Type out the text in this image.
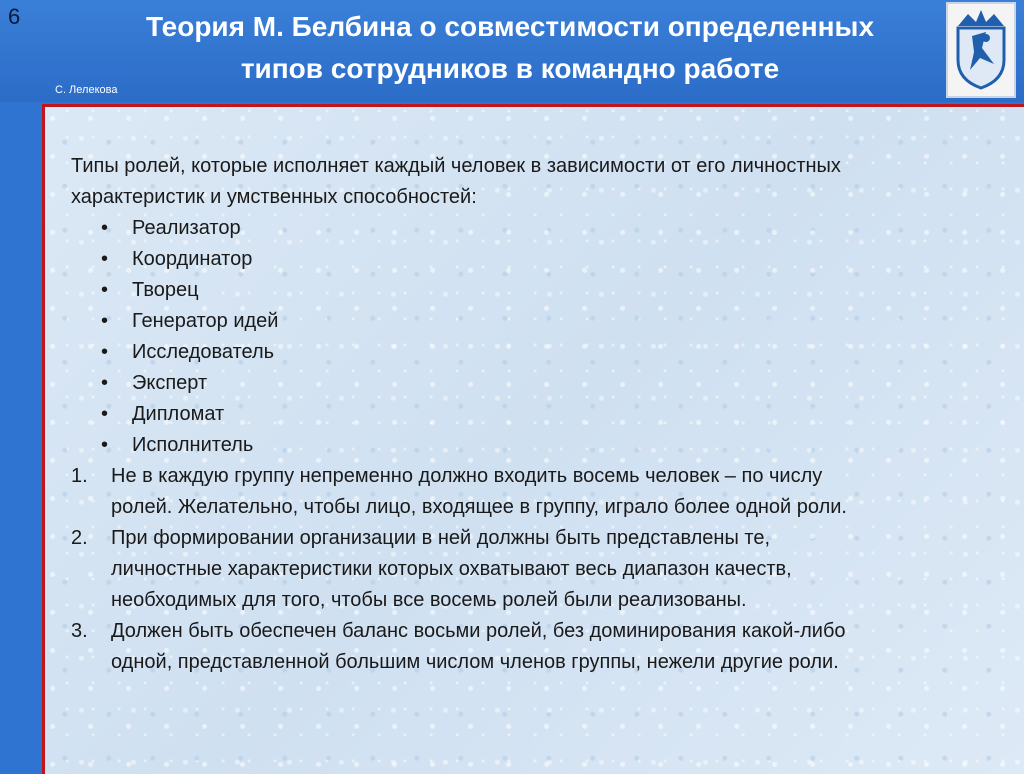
6	Теория М. Белбина о совместимости определенных
типов сотрудников в командно работе
С. Лелекова

Типы ролей, которые исполняет каждый человек в зависимости от его личностных
характеристик и умственных способностей:

• Реализатор
• Координатор
• Творец
• Генератор идей
• Исследователь
• Эксперт
• Дипломат
• Исполнитель
1. Не в каждую группу непременно должно входить восемь человек – по числу
ролей. Желательно, чтобы лицо, входящее в группу, играло более одной роли.
2. При формировании организации в ней должны быть представлены те,
личностные характеристики которых охватывают весь диапазон качеств,
необходимых для того, чтобы все восемь ролей были реализованы.
3. Должен быть обеспечен баланс восьми ролей, без доминирования какой-либо
одной, представленной большим числом членов группы, нежели другие роли.
